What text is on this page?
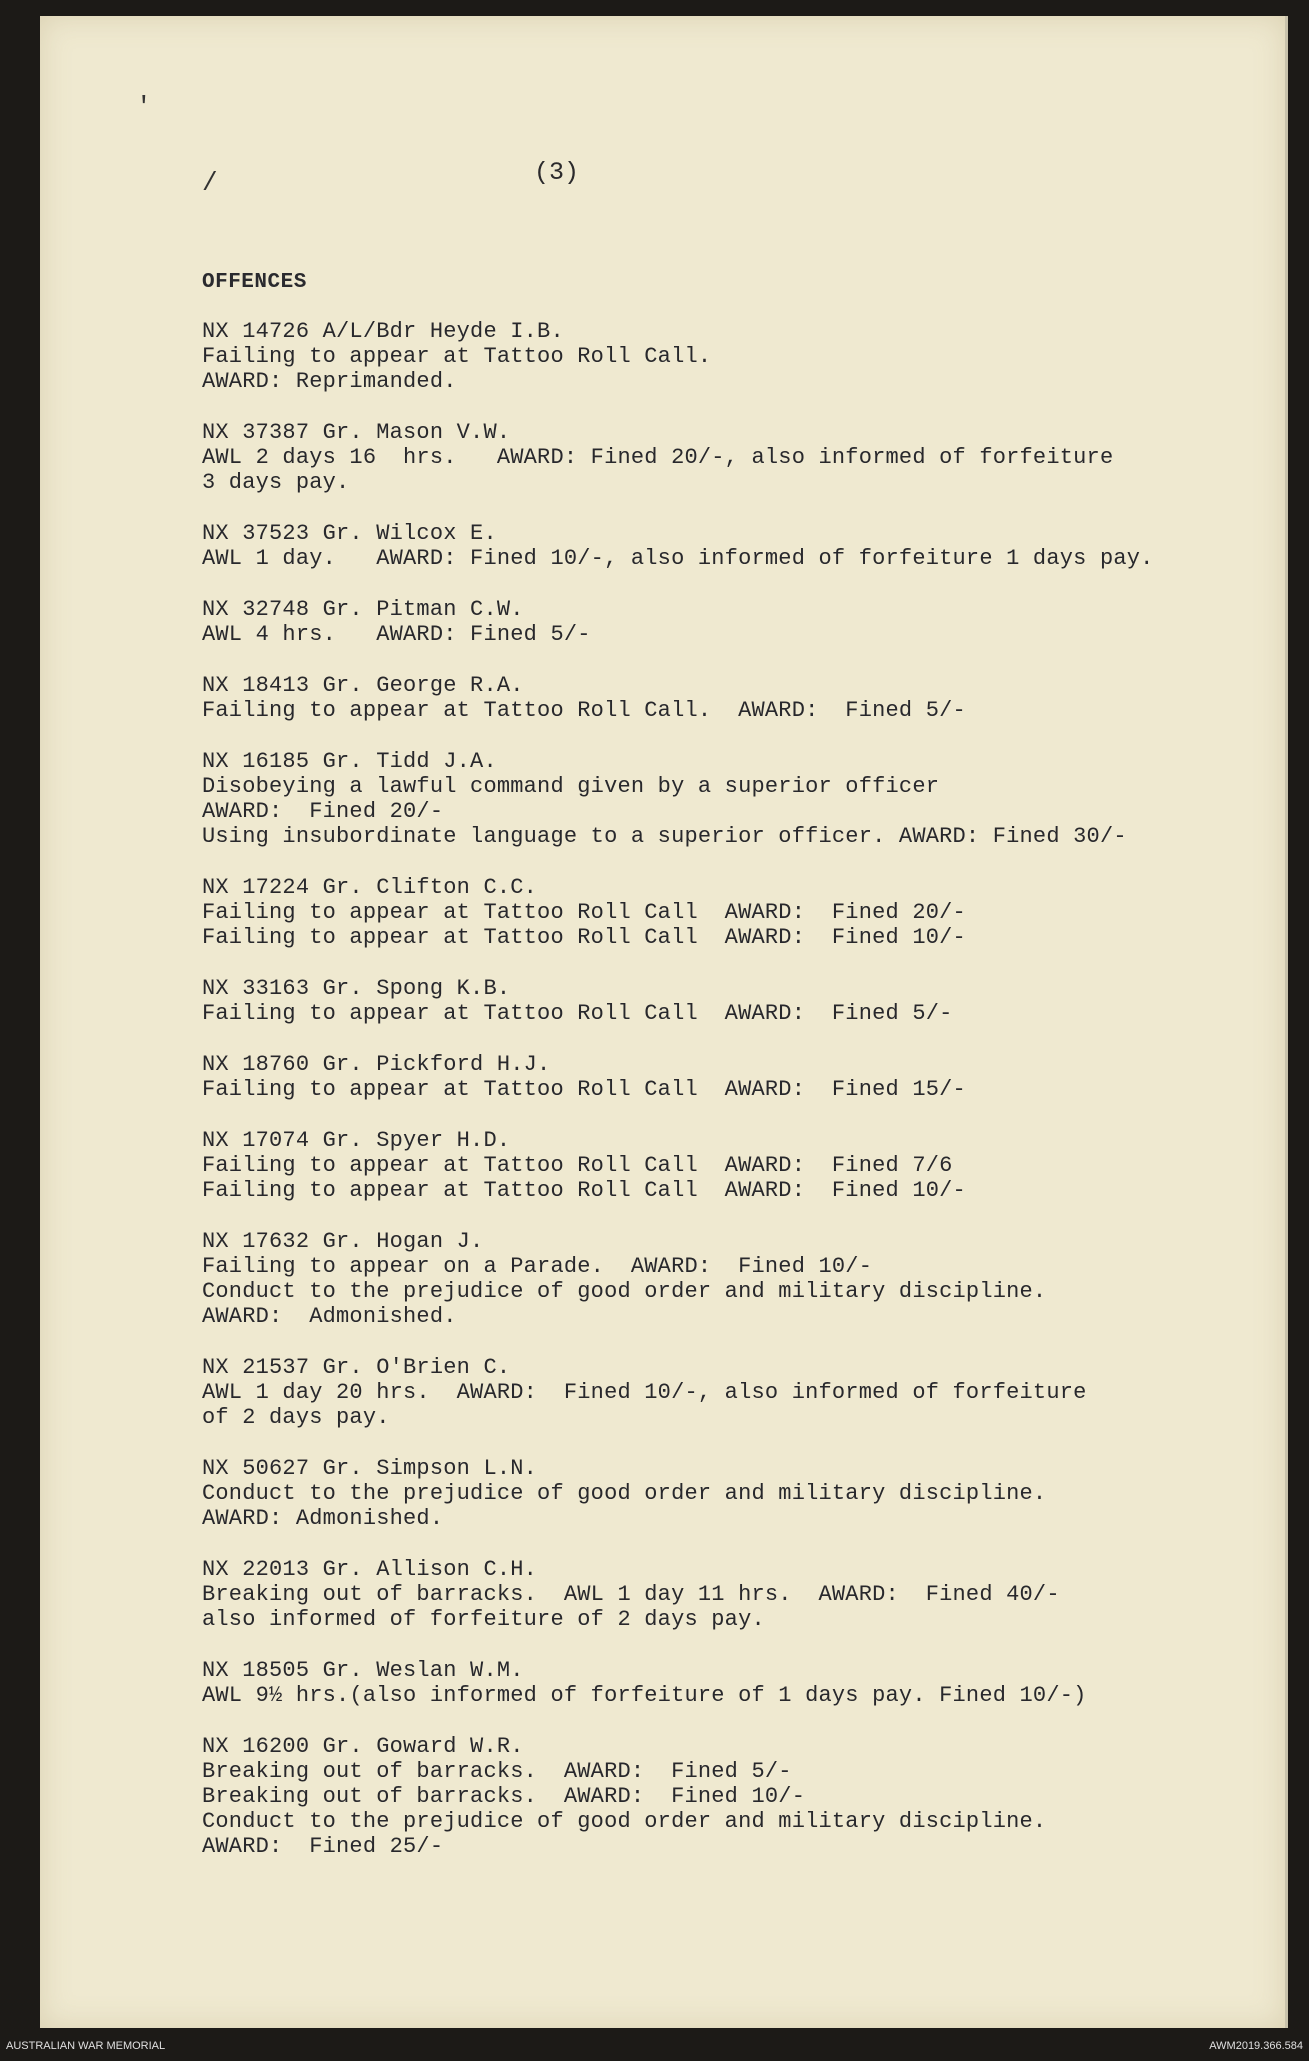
'
/	(3)
OFFENCES
NX 14726 A/L/Bdr Heyde I.B.
Failing to appear at Tattoo Roll Call.
AWARD: Reprimanded.
NX 37387 Gr. Mason V.W.
AWL 2 days 16  hrs.   AWARD: Fined 20/-, also informed of forfeiture
3 days pay.
NX 37523 Gr. Wilcox E.
AWL 1 day.   AWARD: Fined 10/-, also informed of forfeiture 1 days pay.
NX 32748 Gr. Pitman C.W.
AWL 4 hrs.   AWARD: Fined 5/-
NX 18413 Gr. George R.A.
Failing to appear at Tattoo Roll Call.  AWARD:  Fined 5/-
NX 16185 Gr. Tidd J.A.
Disobeying a lawful command given by a superior officer
AWARD:  Fined 20/-
Using insubordinate language to a superior officer. AWARD: Fined 30/-
NX 17224 Gr. Clifton C.C.
Failing to appear at Tattoo Roll Call  AWARD:  Fined 20/-
Failing to appear at Tattoo Roll Call  AWARD:  Fined 10/-
NX 33163 Gr. Spong K.B.
Failing to appear at Tattoo Roll Call  AWARD:  Fined 5/-
NX 18760 Gr. Pickford H.J.
Failing to appear at Tattoo Roll Call  AWARD:  Fined 15/-
NX 17074 Gr. Spyer H.D.
Failing to appear at Tattoo Roll Call  AWARD:  Fined 7/6
Failing to appear at Tattoo Roll Call  AWARD:  Fined 10/-
NX 17632 Gr. Hogan J.
Failing to appear on a Parade.  AWARD:  Fined 10/-
Conduct to the prejudice of good order and military discipline.
AWARD:  Admonished.
NX 21537 Gr. O'Brien C.
AWL 1 day 20 hrs.  AWARD:  Fined 10/-, also informed of forfeiture
of 2 days pay.
NX 50627 Gr. Simpson L.N.
Conduct to the prejudice of good order and military discipline.
AWARD: Admonished.
NX 22013 Gr. Allison C.H.
Breaking out of barracks.  AWL 1 day 11 hrs.  AWARD:  Fined 40/-
also informed of forfeiture of 2 days pay.
NX 18505 Gr. Weslan W.M.
AWL 9½ hrs.(also informed of forfeiture of 1 days pay. Fined 10/-)
NX 16200 Gr. Goward W.R.
Breaking out of barracks.  AWARD:  Fined 5/-
Breaking out of barracks.  AWARD:  Fined 10/-
Conduct to the prejudice of good order and military discipline.
AWARD:  Fined 25/-
AUSTRALIAN WAR MEMORIAL	AWM2019.366.584
